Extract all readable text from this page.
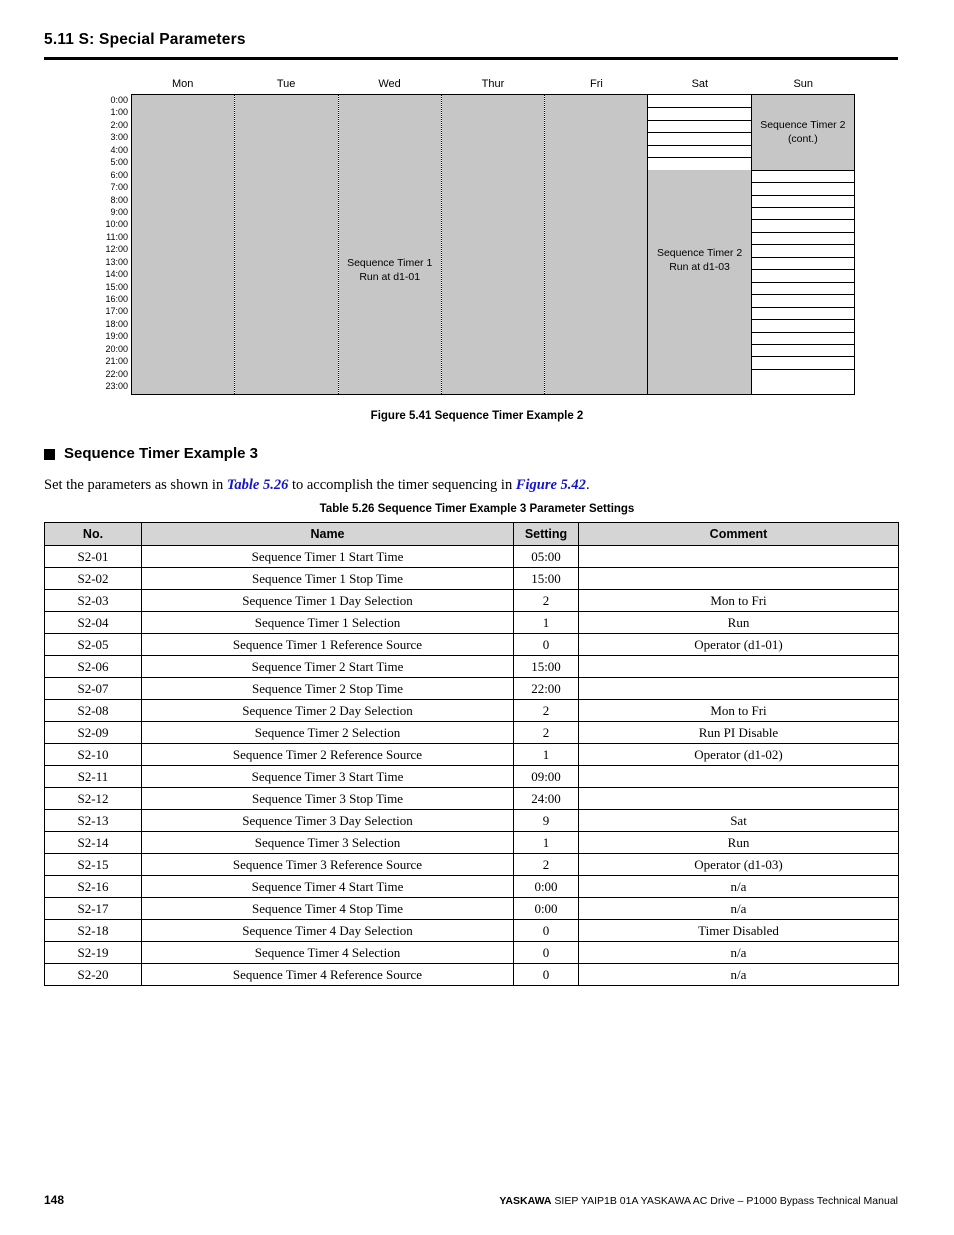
5.11 S: Special Parameters
Mon	Tue	Wed	Thur	Fri	Sat	Sun
0:00
1:00
2:00
3:00
4:00
5:00
6:00
7:00
8:00
9:00
10:00
11:00
12:00
13:00
14:00
15:00
16:00
17:00
18:00
19:00
20:00
21:00
22:00
23:00
Sequence Timer 1
Run at d1-01
Sequence Timer 2
Run at d1-03
Sequence Timer 2
(cont.)
Figure 5.41 Sequence Timer Example 2
Sequence Timer Example 3
Set the parameters as shown in Table 5.26 to accomplish the timer sequencing in Figure 5.42.
Table 5.26 Sequence Timer Example 3 Parameter Settings
No.	Name	Setting	Comment
S2-01	Sequence Timer 1 Start Time	05:00	
S2-02	Sequence Timer 1 Stop Time	15:00	
S2-03	Sequence Timer 1 Day Selection	2	Mon to Fri
S2-04	Sequence Timer 1 Selection	1	Run
S2-05	Sequence Timer 1 Reference Source	0	Operator (d1-01)
S2-06	Sequence Timer 2 Start Time	15:00	
S2-07	Sequence Timer 2 Stop Time	22:00	
S2-08	Sequence Timer 2 Day Selection	2	Mon to Fri
S2-09	Sequence Timer 2 Selection	2	Run PI Disable
S2-10	Sequence Timer 2 Reference Source	1	Operator (d1-02)
S2-11	Sequence Timer 3 Start Time	09:00	
S2-12	Sequence Timer 3 Stop Time	24:00	
S2-13	Sequence Timer 3 Day Selection	9	Sat
S2-14	Sequence Timer 3 Selection	1	Run
S2-15	Sequence Timer 3 Reference Source	2	Operator (d1-03)
S2-16	Sequence Timer 4 Start Time	0:00	n/a
S2-17	Sequence Timer 4 Stop Time	0:00	n/a
S2-18	Sequence Timer 4 Day Selection	0	Timer Disabled
S2-19	Sequence Timer 4 Selection	0	n/a
S2-20	Sequence Timer 4 Reference Source	0	n/a
148	YASKAWA SIEP YAIP1B 01A YASKAWA AC Drive – P1000 Bypass Technical Manual
